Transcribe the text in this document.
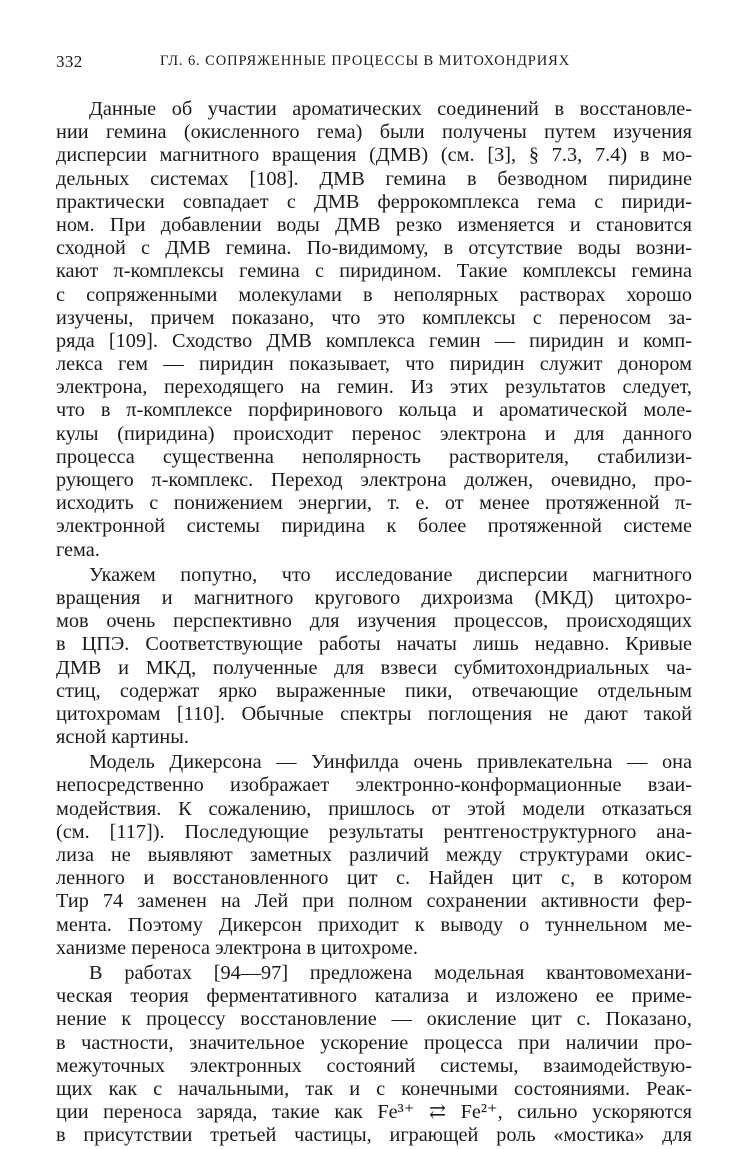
332	ГЛ. 6. СОПРЯЖЕННЫЕ ПРОЦЕССЫ В МИТОХОНДРИЯХ
Данные об участии ароматических соединений в восстановле-
нии гемина (окисленного гема) были получены путем изучения
дисперсии магнитного вращения (ДМВ) (см. [3], § 7.3, 7.4) в мо-
дельных системах [108]. ДМВ гемина в безводном пиридине
практически совпадает с ДМВ феррокомплекса гема с пириди-
ном. При добавлении воды ДМВ резко изменяется и становится
сходной с ДМВ гемина. По-видимому, в отсутствие воды возни-
кают π-комплексы гемина с пиридином. Такие комплексы гемина
с сопряженными молекулами в неполярных растворах хорошо
изучены, причем показано, что это комплексы с переносом за-
ряда [109]. Сходство ДМВ комплекса гемин — пиридин и комп-
лекса гем — пиридин показывает, что пиридин служит донором
электрона, переходящего на гемин. Из этих результатов следует,
что в π-комплексе порфиринового кольца и ароматической моле-
кулы (пиридина) происходит перенос электрона и для данного
процесса существенна неполярность растворителя, стабилизи-
рующего π-комплекс. Переход электрона должен, очевидно, про-
исходить с понижением энергии, т. е. от менее протяженной π-
электронной системы пиридина к более протяженной системе
гема.
Укажем попутно, что исследование дисперсии магнитного
вращения и магнитного кругового дихроизма (МКД) цитохро-
мов очень перспективно для изучения процессов, происходящих
в ЦПЭ. Соответствующие работы начаты лишь недавно. Кривые
ДМВ и МКД, полученные для взвеси субмитохондриальных ча-
стиц, содержат ярко выраженные пики, отвечающие отдельным
цитохромам [110]. Обычные спектры поглощения не дают такой
ясной картины.
Модель Дикерсона — Уинфилда очень привлекательна — она
непосредственно изображает электронно-конформационные взаи-
модействия. К сожалению, пришлось от этой модели отказаться
(см. [117]). Последующие результаты рентгеноструктурного ана-
лиза не выявляют заметных различий между структурами окис-
ленного и восстановленного цит с. Найден цит с, в котором
Тир 74 заменен на Лей при полном сохранении активности фер-
мента. Поэтому Дикерсон приходит к выводу о туннельном ме-
ханизме переноса электрона в цитохроме.
В работах [94—97] предложена модельная квантовомехани-
ческая теория ферментативного катализа и изложено ее приме-
нение к процессу восстановление — окисление цит с. Показано,
в частности, значительное ускорение процесса при наличии про-
межуточных электронных состояний системы, взаимодействую-
щих как с начальными, так и с конечными состояниями. Реак-
ции переноса заряда, такие как Fe³⁺ ⇄ Fe²⁺, сильно ускоряются
в присутствии третьей частицы, играющей роль «мостика» для
